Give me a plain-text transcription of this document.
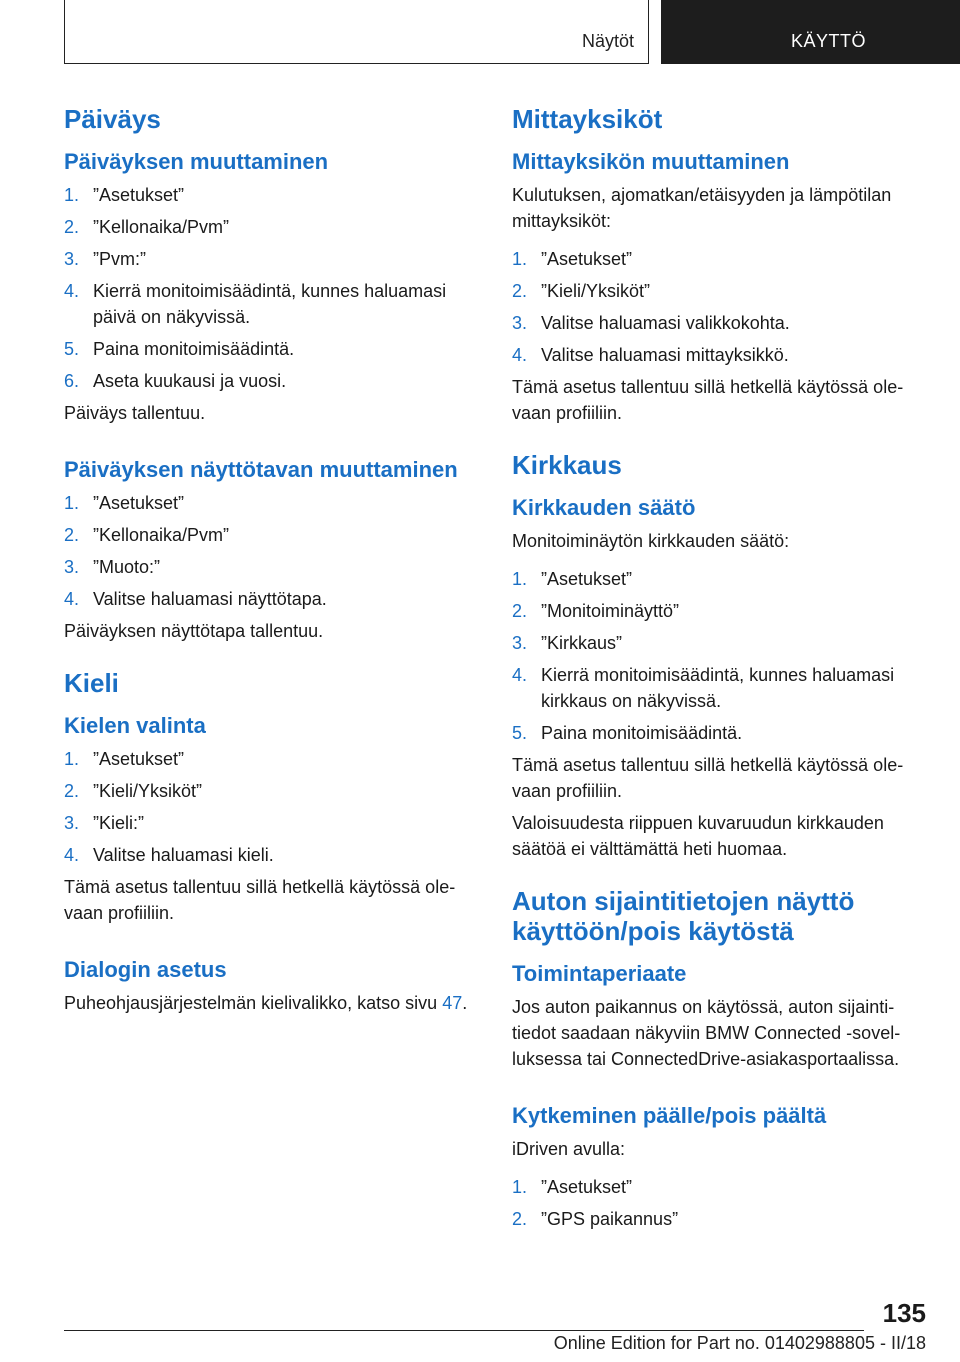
Näytöt	KÄYTTÖ
Päiväys
Päiväyksen muuttaminen
1. ”Asetukset”
2. ”Kellonaika/Pvm”
3. ”Pvm:”
4. Kierrä monitoimisäädintä, kunnes haluamasi päivä on näkyvissä.
5. Paina monitoimisäädintä.
6. Aseta kuukausi ja vuosi.

Päiväys tallentuu.

Päiväyksen näyttötavan muuttaminen
1. ”Asetukset”
2. ”Kellonaika/Pvm”
3. ”Muoto:”
4. Valitse haluamasi näyttötapa.

Päiväyksen näyttötapa tallentuu.

Kieli
Kielen valinta
1. ”Asetukset”
2. ”Kieli/Yksiköt”
3. ”Kieli:”
4. Valitse haluamasi kieli.

Tämä asetus tallentuu sillä hetkellä käytössä ole-vaan profiiliin.

Dialogin asetus

Puheohjausjärjestelmän kielivalikko, katso sivu 47.

Mittayksiköt
Mittayksikön muuttaminen

Kulutuksen, ajomatkan/etäisyyden ja lämpötilan mittayksiköt:

1. ”Asetukset”
2. ”Kieli/Yksiköt”
3. Valitse haluamasi valikkokohta.
4. Valitse haluamasi mittayksikkö.

Tämä asetus tallentuu sillä hetkellä käytössä ole-vaan profiiliin.

Kirkkaus
Kirkkauden säätö

Monitoiminäytön kirkkauden säätö:

1. ”Asetukset”
2. ”Monitoiminäyttö”
3. ”Kirkkaus”
4. Kierrä monitoimisäädintä, kunnes haluamasi kirkkaus on näkyvissä.
5. Paina monitoimisäädintä.

Tämä asetus tallentuu sillä hetkellä käytössä ole-vaan profiiliin.

Valoisuudesta riippuen kuvaruudun kirkkauden säätöä ei välttämättä heti huomaa.

Auton sijaintitietojen näyttö käyttöön/pois käytöstä
Toimintaperiaate

Jos auton paikannus on käytössä, auton sijainti-tiedot saadaan näkyviin BMW Connected -sovel-luksessa tai ConnectedDrive-asiakasportaalissa.

Kytkeminen päälle/pois päältä

iDriven avulla:

1. ”Asetukset”
2. ”GPS paikannus”
135
Online Edition for Part no. 01402988805 - II/18
